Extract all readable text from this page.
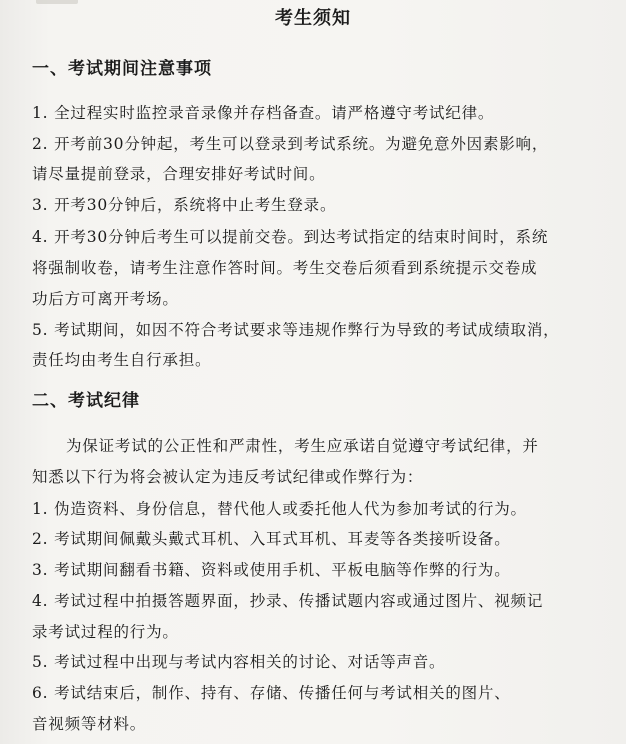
考生须知
一、考试期间注意事项
1. 全过程实时监控录音录像并存档备查。请严格遵守考试纪律。
2. 开考前30分钟起，考生可以登录到考试系统。为避免意外因素影响，
请尽量提前登录，合理安排好考试时间。
3. 开考30分钟后，系统将中止考生登录。
4. 开考30分钟后考生可以提前交卷。到达考试指定的结束时间时，系统
将强制收卷，请考生注意作答时间。考生交卷后须看到系统提示交卷成
功后方可离开考场。
5. 考试期间，如因不符合考试要求等违规作弊行为导致的考试成绩取消，
责任均由考生自行承担。
二、考试纪律
为保证考试的公正性和严肃性，考生应承诺自觉遵守考试纪律，并
知悉以下行为将会被认定为违反考试纪律或作弊行为：
1. 伪造资料、身份信息，替代他人或委托他人代为参加考试的行为。
2. 考试期间佩戴头戴式耳机、入耳式耳机、耳麦等各类接听设备。
3. 考试期间翻看书籍、资料或使用手机、平板电脑等作弊的行为。
4. 考试过程中拍摄答题界面，抄录、传播试题内容或通过图片、视频记
录考试过程的行为。
5. 考试过程中出现与考试内容相关的讨论、对话等声音。
6. 考试结束后，制作、持有、存储、传播任何与考试相关的图片、
音视频等材料。
